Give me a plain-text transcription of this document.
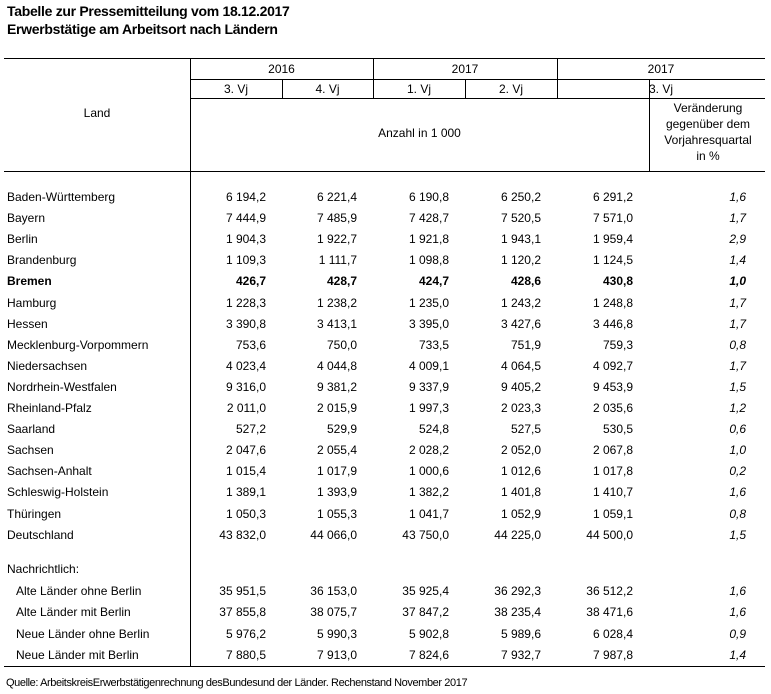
Tabelle zur Pressemitteilung vom 18.12.2017
Erwerbstätige am Arbeitsort nach Ländern
Land
2016	2017	2017
3. Vj	4. Vj	1. Vj	2. Vj	3. Vj
Anzahl in 1 000
Veränderung
gegenüber dem
Vorjahresquartal
in %
Baden-Württemberg	6 194,2	6 221,4	6 190,8	6 250,2	6 291,2	1,6
Bayern	7 444,9	7 485,9	7 428,7	7 520,5	7 571,0	1,7
Berlin	1 904,3	1 922,7	1 921,8	1 943,1	1 959,4	2,9
Brandenburg	1 109,3	1 111,7	1 098,8	1 120,2	1 124,5	1,4
Bremen	426,7	428,7	424,7	428,6	430,8	1,0
Hamburg	1 228,3	1 238,2	1 235,0	1 243,2	1 248,8	1,7
Hessen	3 390,8	3 413,1	3 395,0	3 427,6	3 446,8	1,7
Mecklenburg-Vorpommern	753,6	750,0	733,5	751,9	759,3	0,8
Niedersachsen	4 023,4	4 044,8	4 009,1	4 064,5	4 092,7	1,7
Nordrhein-Westfalen	9 316,0	9 381,2	9 337,9	9 405,2	9 453,9	1,5
Rheinland-Pfalz	2 011,0	2 015,9	1 997,3	2 023,3	2 035,6	1,2
Saarland	527,2	529,9	524,8	527,5	530,5	0,6
Sachsen	2 047,6	2 055,4	2 028,2	2 052,0	2 067,8	1,0
Sachsen-Anhalt	1 015,4	1 017,9	1 000,6	1 012,6	1 017,8	0,2
Schleswig-Holstein	1 389,1	1 393,9	1 382,2	1 401,8	1 410,7	1,6
Thüringen	1 050,3	1 055,3	1 041,7	1 052,9	1 059,1	0,8
Deutschland	43 832,0	44 066,0	43 750,0	44 225,0	44 500,0	1,5
Alte Länder ohne Berlin	35 951,5	36 153,0	35 925,4	36 292,3	36 512,2	1,6
Alte Länder mit Berlin	37 855,8	38 075,7	37 847,2	38 235,4	38 471,6	1,6
Neue Länder ohne Berlin	5 976,2	5 990,3	5 902,8	5 989,6	6 028,4	0,9
Neue Länder mit Berlin	7 880,5	7 913,0	7 824,6	7 932,7	7 987,8	1,4
Nachrichtlich:
Quelle: ArbeitskreisErwerbstätigenrechnung desBundesund der Länder. Rechenstand November 2017
